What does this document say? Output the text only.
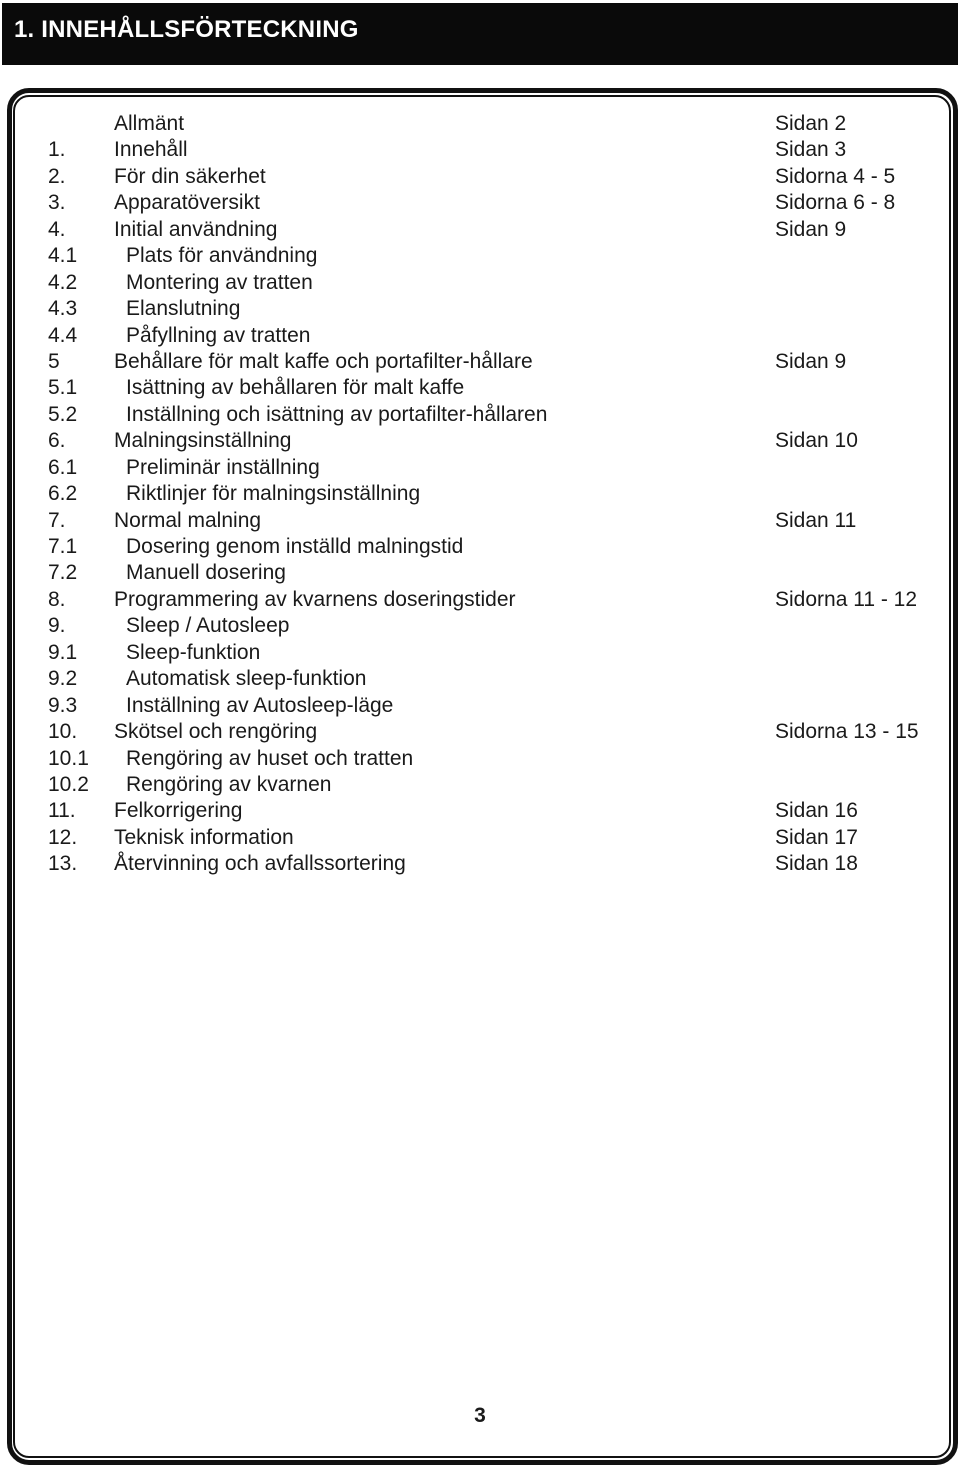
1. INNEHÅLLSFÖRTECKNING
Allmänt	Sidan 2
1. Innehåll	Sidan 3
2. För din säkerhet	Sidorna 4 - 5
3. Apparatöversikt	Sidorna 6 - 8
4. Initial användning	Sidan 9
4.1 Plats för användning
4.2 Montering av tratten
4.3 Elanslutning
4.4 Påfyllning av tratten
5	Behållare för malt kaffe och portafilter-hållare	Sidan 9
5.1 Isättning av behållaren för malt kaffe
5.2 Inställning och isättning av portafilter-hållaren
6. Malningsinställning	Sidan 10
6.1 Preliminär inställning
6.2 Riktlinjer för malningsinställning
7. Normal malning	Sidan 11
7.1 Dosering genom inställd malningstid
7.2 Manuell dosering
8. Programmering av kvarnens doseringstider	Sidorna 11 - 12
9.	Sleep / Autosleep
9.1 Sleep-funktion
9.2 Automatisk sleep-funktion
9.3 Inställning av Autosleep-läge
10. Skötsel och rengöring	Sidorna 13 - 15
10.1 Rengöring av huset och tratten
10.2 Rengöring av kvarnen
11. Felkorrigering	Sidan 16
12. Teknisk information	Sidan 17
13. Återvinning och avfallssortering	Sidan 18
3
